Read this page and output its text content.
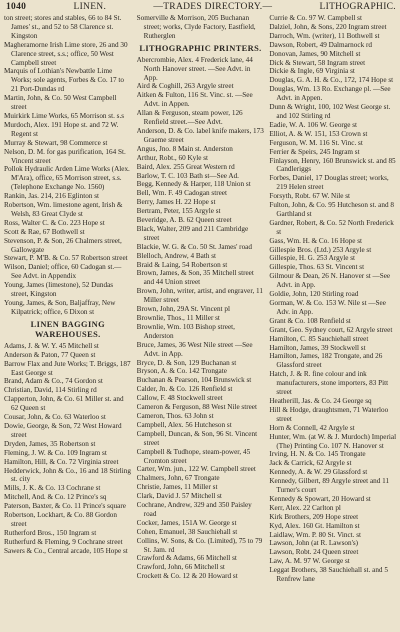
1040	LINEN.	—TRADES DIRECTORY.—	LITHOGRAPHIC.

ton street; stores and stables, 66 to 84 St. James' st., and 52 to 58 Clarence st. Kingston

Magheramorne Irish Lime store, 26 and 30 Clarence street, s.s.; office, 50 West Campbell street

Marquis of Lothian's Newbattle Lime Works; sole agents, Forbes & Co. 17 to 21 Port-Dundas rd

Martin, John, & Co. 50 West Campbell street

Muirkirk Lime Works, 65 Morrison st. s.s

Murdoch, Alex. 191 Hope st. and 72 W. Regent st

Murray & Stewart, 98 Commerce st

Nelson, D. M. for gas purification, 164 St. Vincent street

Pollok Hydraulic Arden Lime Works (Alex. M'Ara), office, 65 Morrison street, s.s. (Telephone Exchange No. 1560)

Rankin, Jas. 214, 216 Eglinton st

Robertson, Wm. limestone agent, Irish & Welsh, 83 Great Clyde st

Ross, Walter C. & Co. 223 Hope st

Scott & Rae, 67 Bothwell st

Stevenson, P. & Son, 26 Chalmers street, Gallowgate

Stewart, P. M'B. & Co. 57 Robertson street

Wilson, Daniel; office, 60 Cadogan st.—See Advt. in Appendix

Young, James (limestone), 52 Dundas street, Kingston

Young, James, & Son, Baljaffray, New Kilpatrick; office, 6 Dixon st

LINEN BAGGING WAREHOUSES.

Adams, J. & W. Y. 45 Mitchell st

Anderson & Paton, 77 Queen st

Barrow Flax and Jute Works; T. Briggs, 187 East George st

Brand, Adam & Co., 74 Gordon st

Christian, David, 114 Stirling rd

Clapperton, John, & Co. 61 Miller st. and 62 Queen st

Cousar, John, & Co. 63 Waterloo st

Dowie, George, & Son, 72 West Howard street

Dryden, James, 35 Robertson st

Fleming, J. W. & Co. 109 Ingram st

Hamilton, Hill, & Co. 72 Virginia street

Hedderwick, John & Co., 16 and 18 Stirling st. city

Mills, J. K. & Co. 13 Cochrane st

Mitchell, And. & Co. 12 Prince's sq

Paterson, Baxter, & Co. 11 Prince's square

Robertson, Lockhart, & Co. 88 Gordon street

Rutherford Bros., 150 Ingram st

Rutherfurd & Fleming, 9 Cochrane street

Sawers & Co., Central arcade, 105 Hope st

Somerville & Morrison, 205 Buchanan street; works, Clyde Factory, Eastfield, Rutherglen

LITHOGRAPHIC PRINTERS.

Abercrombie, Alex. 4 Frederick lane, 44 North Hanover street. —See Advt. in App.

Aird & Coghill, 263 Argyle street

Aitken & Fulton, 116 St. Vinc. st. —See Advt. in Appen.

Allan & Ferguson, steam power, 126 Renfield street.—See Advt.

Anderson, D. & Co. label knife makers, 173 Graeme street

Angus, Jno. 8 Main st. Anderston

Arthur, Robt., 60 Kyle st

Baird, Alex. 255 Great Western rd

Barlow, T. C. 103 Bath st—See Ad.

Begg, Kennedy & Harper, 118 Union st

Bell, Wm. F. 49 Cadogan street

Berry, James H. 22 Hope st

Bertram, Peter, 155 Argyle st

Beveridge, A. B. 62 Queen street

Black, Walter, 209 and 211 Cambridge street

Blackie, W. G. & Co. 50 St. James' road

Blelloch, Andrew, 4 Bath st

Braid & Laing, 54 Robertson st

Brown, James, & Son, 35 Mitchell street and 44 Union street

Brown, John, writer, artist, and engraver, 11 Miller street

Brown, John, 29A St. Vincent pl

Brownlie, Thos., 11 Miller st

Brownlie, Wm. 103 Bishop street, Anderston

Bruce, James, 36 West Nile street —See Advt. in App.

Bryce, D. & Son, 129 Buchanan st

Bryson, A. & Co. 142 Trongate

Buchanan & Pearson, 104 Brunswick st

Calder, Jn. & Co. 126 Renfield st

Callow, F. 48 Stockwell street

Cameron & Ferguson, 88 West Nile street

Cameron, Thos. 63 John st

Campbell, Alex. 56 Hutcheson st

Campbell, Duncan, & Son, 96 St. Vincent street

Campbell & Tudhope, steam-power, 45 Cromton street

Carter, Wm. jun., 122 W. Campbell street

Chalmers, John, 67 Trongate

Christie, James, 11 Miller st

Clark, David J. 57 Mitchell st

Cochrane, Andrew, 329 and 350 Paisley road

Cocker, James, 151A W. George st

Cohen, Emanuel, 38 Sauchiehall st

Collins, W. Sons, & Co. (Limited), 75 to 79 St. Jam. rd

Crawford & Adams, 66 Mitchell st

Crawford, John, 66 Mitchell st

Crockett & Co. 12 & 20 Howard st

Currie & Co. 97 W. Campbell st

Dalziel, John, & Sons, 220 Ingram street

Darroch, Wm. (writer), 11 Bothwell st

Dawson, Robert, 49 Dalmarnock rd

Donovan, James, 90 Mitchell st

Dick & Stewart, 58 Ingram street

Dickie & Ingle, 69 Virginia st

Douglas, G. A. H. & Co., 172, 174 Hope st

Douglas, Wm. 13 Ro. Exchange pl. —See Advt. in Appen.

Dunn & Wright, 100, 102 West George st. and 102 Stirling rd

Eadie, W. A. 106 W. George st

Elliot, A. & W. 151, 153 Crown st

Ferguson, W. M. 116 St. Vinc. st

Ferrier & Speirs, 245 Ingram st

Finlayson, Henry, 160 Brunswick st. and 85 Candleriggs

Forbes, Daniel, 17 Douglas street; works, 219 Helen street

Forsyth, Robt. 67 W. Nile st

Fulton, John, & Co. 95 Hutcheson st. and 8 Garthland st

Gardner, Robert, & Co. 52 North Frederick st

Gass, Wm. H. & Co. 16 Hope st

Gillespie Bros. (Ltd.) 253 Argyle st

Gillespie, H. G. 253 Argyle st

Gillespie, Thos. 63 St. Vincent st

Gilmour & Dean, 26 N. Hanover st —See Advt. in App.

Goldie, John, 120 Stirling road

Gorman, W. & Co. 153 W. Nile st —See Adv. in App.

Grant & Co. 108 Renfield st

Grant, Geo. Sydney court, 62 Argyle street

Hamilton, C. 85 Sauchiehall street

Hamilton, James, 39 Stockwell st

Hamilton, James, 182 Trongate, and 26 Glassford street

Hatch, J. & R. fine colour and ink manufacturers, stone importers, 83 Pitt street

Heatherill, Jas. & Co. 24 George sq

Hill & Hodge, draughtsmen, 71 Waterloo street

Horn & Connell, 42 Argyle st

Hunter, Wm. (at W. & J. Murdoch) Imperial (The) Printing Co. 107 N. Hanover st

Irving, H. N. & Co. 145 Trongate

Jack & Carrick, 62 Argyle st

Kennedy, A. & W. 29 Glassford st

Kennedy, Gilbert, 89 Argyle street and 11 Turner's court

Kennedy & Spowart, 20 Howard st

Kerr, Alex. 22 Carlton pl

Kirk Brothers, 209 Hope street

Kyd, Alex. 160 Gt. Hamilton st

Laidlaw, Wm. P. 80 St. Vinct. st

Lawson, John (at R. Lawson's)

Lawson, Robt. 24 Queen street

Law, A. M. 97 W. George st

Leggat Brothers, 38 Sauchiehall st. and 5 Renfrew lane
